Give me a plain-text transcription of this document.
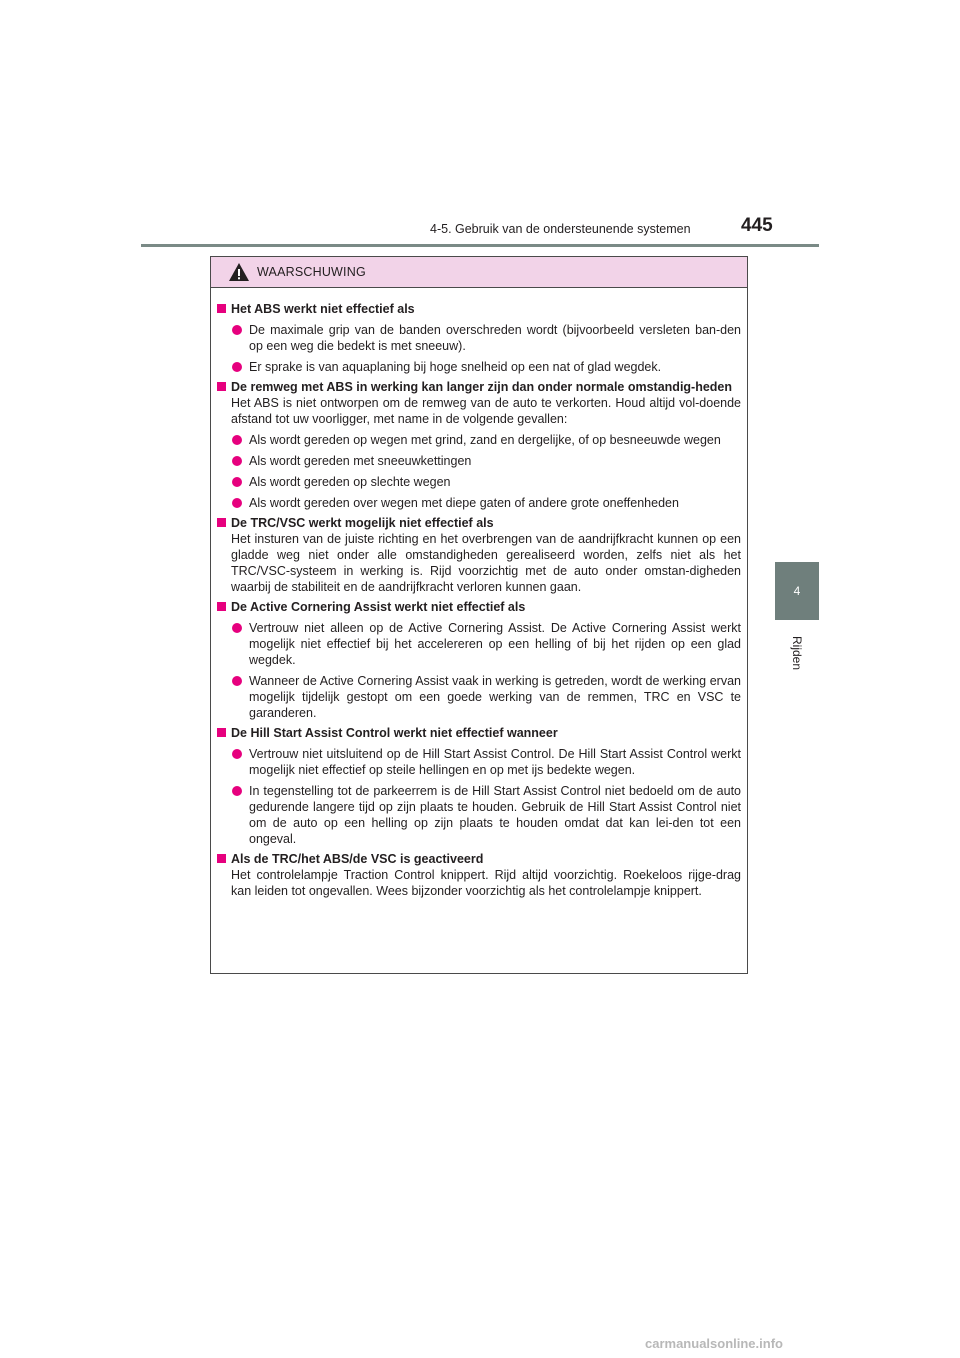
4-5. Gebruik van de ondersteunende systemen	445
4
Rijden
WAARSCHUWING
Het ABS werkt niet effectief als
De maximale grip van de banden overschreden wordt (bijvoorbeeld versleten ban-den op een weg die bedekt is met sneeuw).
Er sprake is van aquaplaning bij hoge snelheid op een nat of glad wegdek.
De remweg met ABS in werking kan langer zijn dan onder normale omstandig-heden
Het ABS is niet ontworpen om de remweg van de auto te verkorten. Houd altijd vol-doende afstand tot uw voorligger, met name in de volgende gevallen:
Als wordt gereden op wegen met grind, zand en dergelijke, of op besneeuwde wegen
Als wordt gereden met sneeuwkettingen
Als wordt gereden op slechte wegen
Als wordt gereden over wegen met diepe gaten of andere grote oneffenheden
De TRC/VSC werkt mogelijk niet effectief als
Het insturen van de juiste richting en het overbrengen van de aandrijfkracht kunnen op een gladde weg niet onder alle omstandigheden gerealiseerd worden, zelfs niet als het TRC/VSC-systeem in werking is. Rijd voorzichtig met de auto onder omstan-digheden waarbij de stabiliteit en de aandrijfkracht verloren kunnen gaan.
De Active Cornering Assist werkt niet effectief als
Vertrouw niet alleen op de Active Cornering Assist. De Active Cornering Assist werkt mogelijk niet effectief bij het accelereren op een helling of bij het rijden op een glad wegdek.
Wanneer de Active Cornering Assist vaak in werking is getreden, wordt de werking ervan mogelijk tijdelijk gestopt om een goede werking van de remmen, TRC en VSC te garanderen.
De Hill Start Assist Control werkt niet effectief wanneer
Vertrouw niet uitsluitend op de Hill Start Assist Control. De Hill Start Assist Control werkt mogelijk niet effectief op steile hellingen en op met ijs bedekte wegen.
In tegenstelling tot de parkeerrem is de Hill Start Assist Control niet bedoeld om de auto gedurende langere tijd op zijn plaats te houden. Gebruik de Hill Start Assist Control niet om de auto op een helling op zijn plaats te houden omdat dat kan lei-den tot een ongeval.
Als de TRC/het ABS/de VSC is geactiveerd
Het controlelampje Traction Control knippert. Rijd altijd voorzichtig. Roekeloos rijge-drag kan leiden tot ongevallen. Wees bijzonder voorzichtig als het controlelampje knippert.
carmanualsonline.info
